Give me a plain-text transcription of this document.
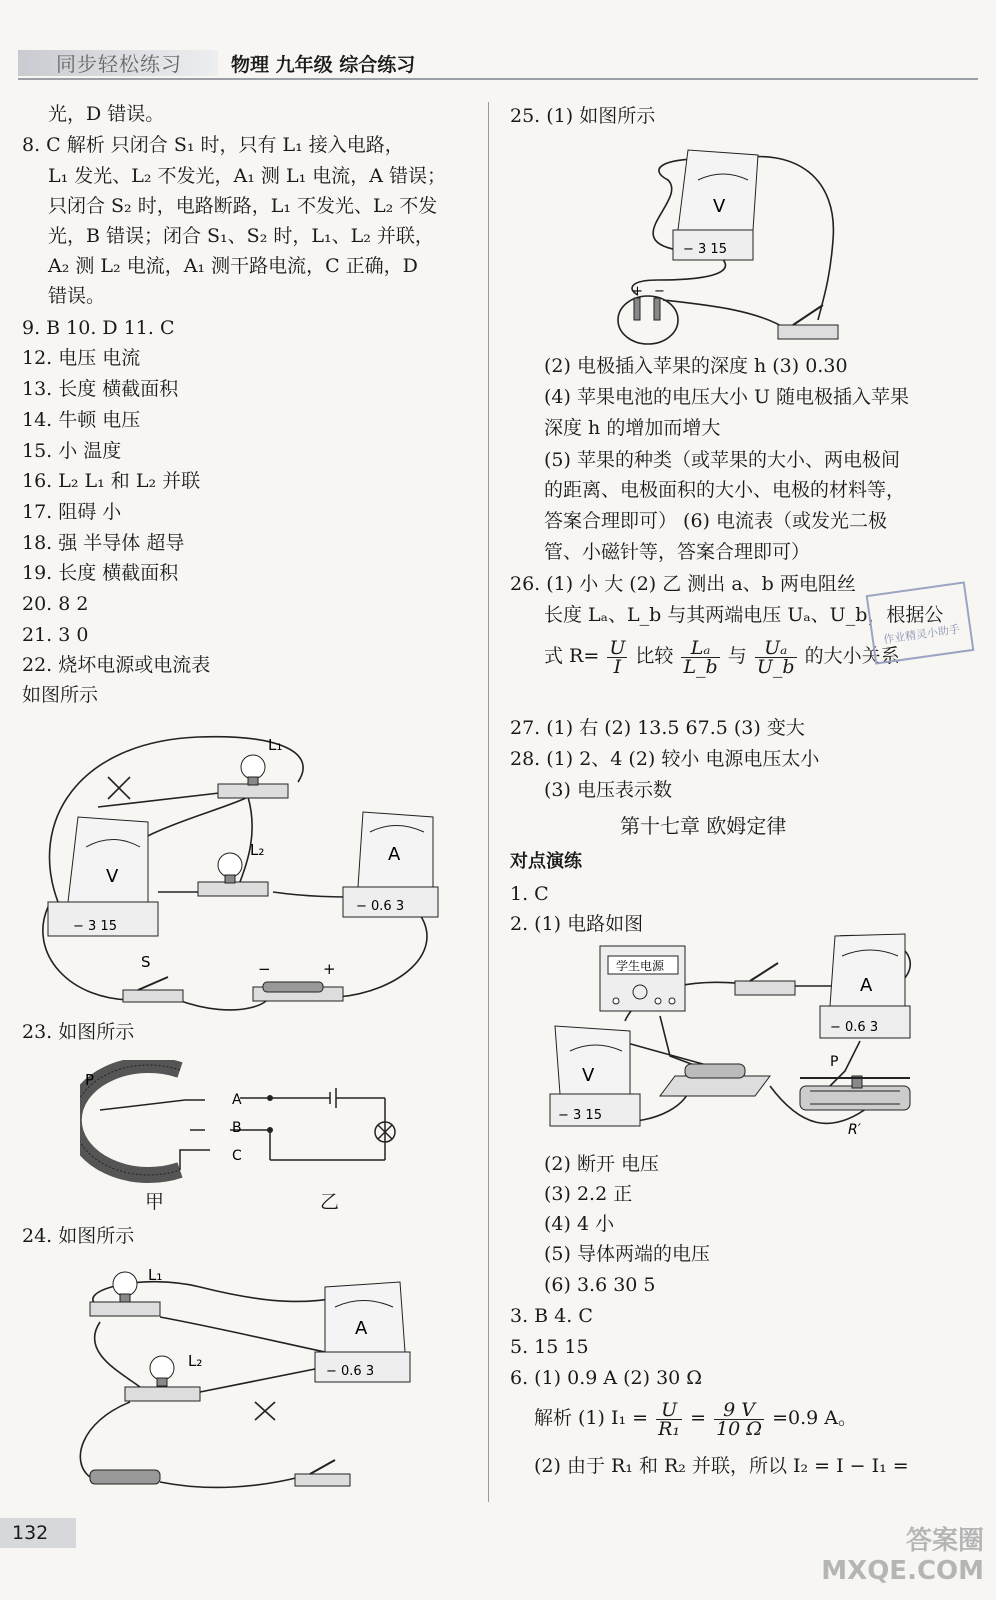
同步轻松练习	物理 九年级 综合练习
光，D 错误。
8. C 解析 只闭合 S₁ 时，只有 L₁ 接入电路，
L₁ 发光、L₂ 不发光，A₁ 测 L₁ 电流，A 错误；
只闭合 S₂ 时，电路断路，L₁ 不发光、L₂ 不发
光，B 错误；闭合 S₁、S₂ 时，L₁、L₂ 并联，
A₂ 测 L₂ 电流，A₁ 测干路电流，C 正确，D
错误。
9. B 10. D 11. C
12. 电压 电流
13. 长度 横截面积
14. 牛顿 电压
15. 小 温度
16. L₂ L₁ 和 L₂ 并联
17. 阻碍 小
18. 强 半导体 超导
19. 长度 横截面积
20. 8 2
21. 3 0
22. 烧坏电源或电流表
如图所示
L₁
L₂
V
− 3 15
A
− 0.6 3
S	−	+
23. 如图所示
P
A
B
C
甲	乙
24. 如图所示
L₁
L₂
A
− 0.6 3
132
25. (1) 如图所示
V
− 3 15
+ −
(2) 电极插入苹果的深度 h (3) 0.30
(4) 苹果电池的电压大小 U 随电极插入苹果
深度 h 的增加而增大
(5) 苹果的种类（或苹果的大小、两电极间
的距离、电极面积的大小、电极的材料等，
答案合理即可） (6) 电流表（或发光二极
管、小磁针等，答案合理即可）
26. (1) 小 大 (2) 乙 测出 a、b 两电阻丝
长度 Lₐ、L_b 与其两端电压 Uₐ、U_b，根据公
式 $R= \frac{U}{I}$ 比较 $\frac{\text{Lₐ}}{L\_b}$ 与 $\frac{\text{Uₐ}}{U\_b}$ 的大小关系
27. (1) 右 (2) 13.5 67.5 (3) 变大
28. (1) 2、4 (2) 较小 电源电压太小
(3) 电压表示数
第十七章 欧姆定律
对点演练
1. C
2. (1) 电路如图
作业精灵小助手
学生电源
A
− 0.6 3
V
− 3 15
P
R′
(2) 断开 电压
(3) 2.2 正
(4) 4 小
(5) 导体两端的电压
(6) 3.6 30 5
3. B 4. C
5. 15 15
6. (1) 0.9 A (2) 30 Ω
解析 (1) $I_1 = \frac{U}{\text{R₁}} = \frac{9 V}{10 \Omega} =0.9$ A。
(2) 由于 R₁ 和 R₂ 并联，所以 I₂ = I − I₁ =
答案圈
MXQE.COM
